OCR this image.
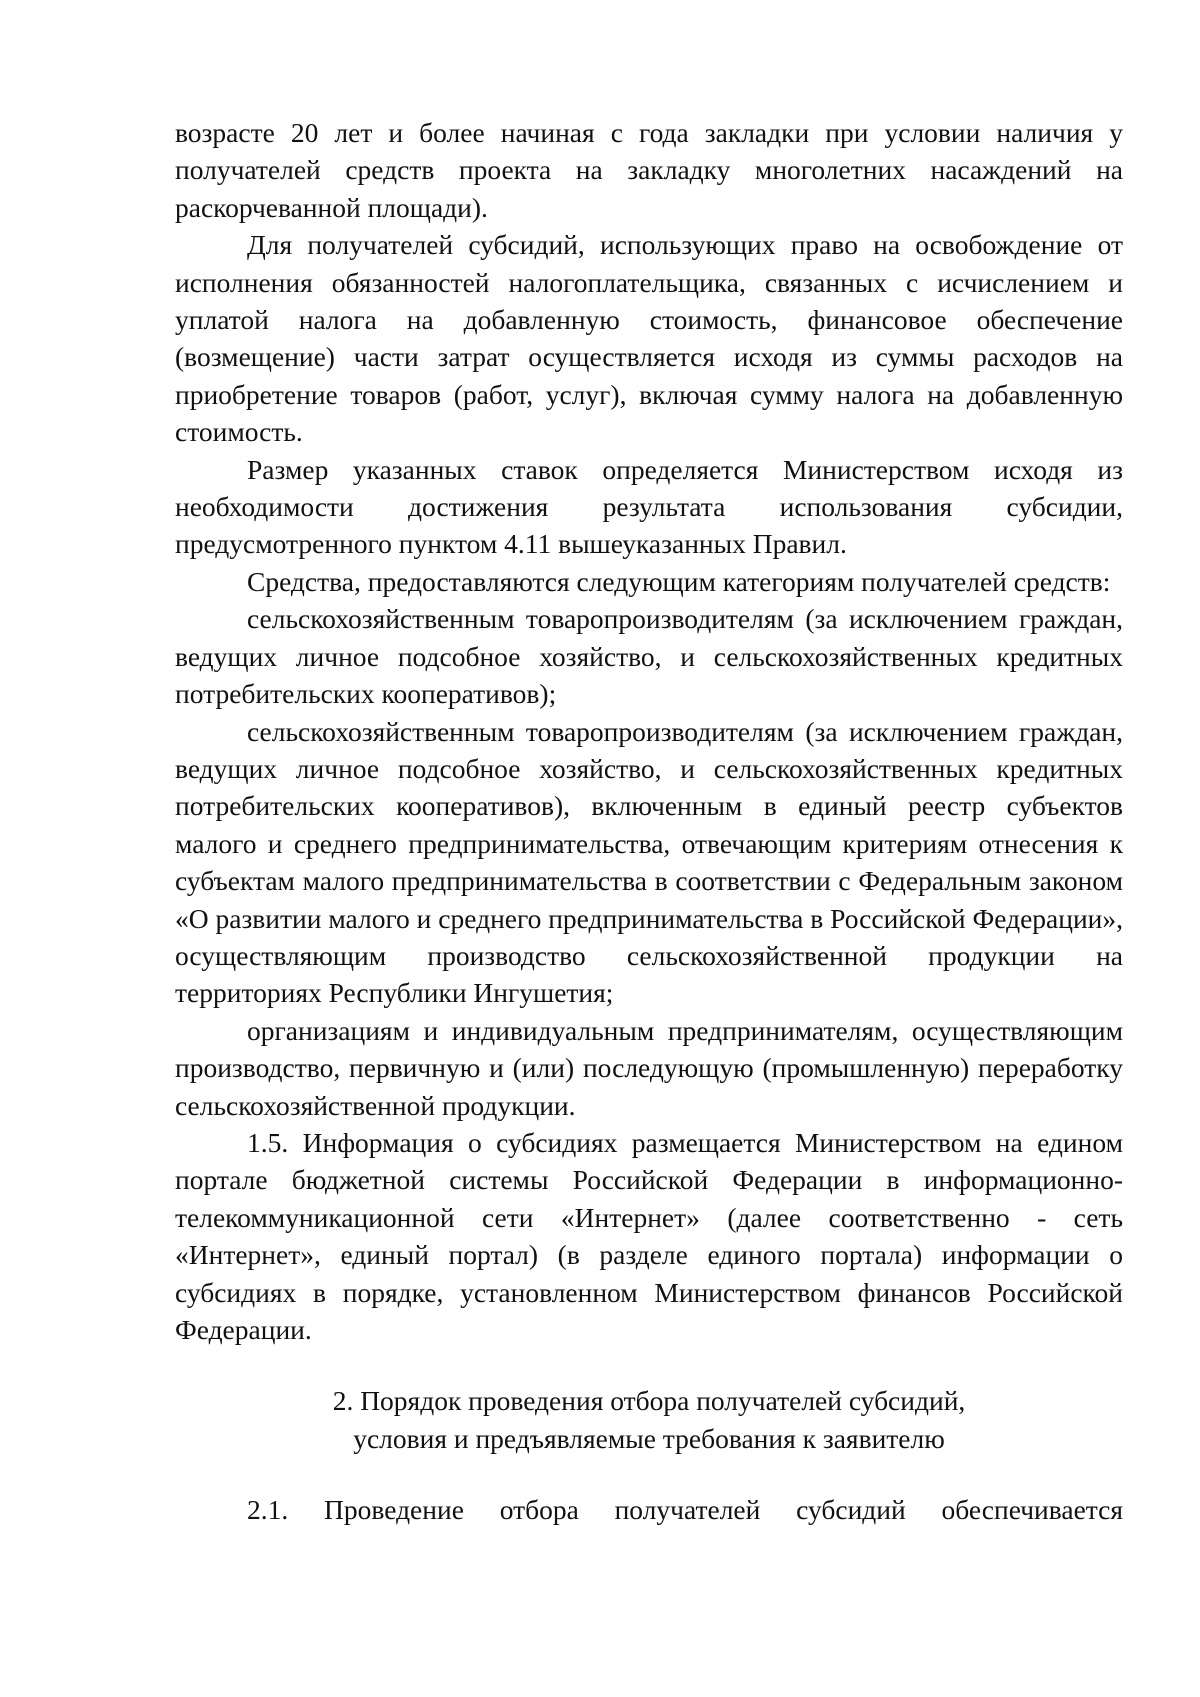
возрасте 20 лет и более начиная с года закладки при условии наличия у получателей средств проекта на закладку многолетних насаждений на раскорчеванной площади).

Для получателей субсидий, использующих право на освобождение от исполнения обязанностей налогоплательщика, связанных с исчислением и уплатой налога на добавленную стоимость, финансовое обеспечение (возмещение) части затрат осуществляется исходя из суммы расходов на приобретение товаров (работ, услуг), включая сумму налога на добавленную стоимость.

Размер указанных ставок определяется Министерством исходя из необходимости достижения результата использования субсидии, предусмотренного пунктом 4.11 вышеуказанных Правил.

Средства, предоставляются следующим категориям получателей средств:

сельскохозяйственным товаропроизводителям (за исключением граждан, ведущих личное подсобное хозяйство, и сельскохозяйственных кредитных потребительских кооперативов);

сельскохозяйственным товаропроизводителям (за исключением граждан, ведущих личное подсобное хозяйство, и сельскохозяйственных кредитных потребительских кооперативов), включенным в единый реестр субъектов малого и среднего предпринимательства, отвечающим критериям отнесения к субъектам малого предпринимательства в соответствии с Федеральным законом «О развитии малого и среднего предпринимательства в Российской Федерации», осуществляющим производство сельскохозяйственной продукции на территориях Республики Ингушетия;

организациям и индивидуальным предпринимателям, осуществляющим производство, первичную и (или) последующую (промышленную) переработку сельскохозяйственной продукции.

1.5. Информация о субсидиях размещается Министерством на едином портале бюджетной системы Российской Федерации в информационно-телекоммуникационной сети «Интернет» (далее соответственно - сеть «Интернет», единый портал) (в разделе единого портала) информации о субсидиях в порядке, установленном Министерством финансов Российской Федерации.

2. Порядок проведения отбора получателей субсидий,

условия и предъявляемые требования к заявителю

2.1. Проведение отбора получателей субсидий обеспечивается
